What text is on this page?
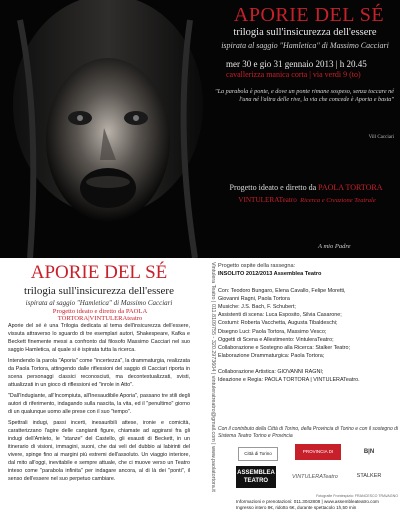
APORIE DEL SÉ
trilogia sull'insicurezza dell'essere
ispirata al saggio "Hamletica" di Massimo Cacciari
mer 30 e gio 31 gennaio 2013 | h 20.45
cavallerizza manica corta | via verdi 9 (to)
"La parabola è ponte, e dove un ponte rimane sospeso, senza toccare né l'una né l'altra delle rive, la via che concede è Aporia e basta"
Vill Cacciari
Progetto ideato e diretto da PAOLA TORTORA
VINTULERATeatro Ricerca e Creazione Teatrale
A mio Padre
APORIE DEL SÉ
trilogia sull'insicurezza dell'essere
ispirata al saggio "Hamletica" di Massimo Cacciari
Progetto ideato e diretto da PAOLA TORTORA|VINTULERAteatro

Aporie del sé è una Trilogia dedicata al tema dell'insicurezza dell'essere, vissuta attraverso lo sguardo di tre esemplari autori, Shakespeare, Kafka e Beckett finemente messi a confronto dal filosofo Massimo Cacciari nel suo saggio Hamletica, al quale si è ispirata tutta la ricerca.

Intendendo la parola "Aporia" come "incertezza", la drammaturgia, realizzata da Paola Tortora, attingendo dalle riflessioni del saggio di Cacciari riporta in scena personaggi classici reconosciuti, ma decontestualizzati, svisti, attualizzati in un gioco di riflessioni ed "inrole in Atto".

"Dall'Indugiante, all'Incompiuta, all'Inesaudibile Aporia", passano tre stili degli autori di riferimento, indagando sulla nascita, la vita, ed il "penultimo" giorno di un qualunque uomo alle prese con il suo "tempo".

Spettrali indugi, passi incerti, inesauribili attese, ironie e comicità, caratterizzano l'agire delle cangianti figure, chiamate ad aggirarsi fra gli indugi dell'Amleto, le "stanze" del Castello, gli esausti di Beckett, in un itinerario di visioni, immagini, suoni, che dai veli del dubbio ai labirinti del vivere, spinge fino ai margini più estremi dell'assoluto. Un viaggio interiore, dal mito all'oggi, inevitabile e sempre attuale, che ci muove verso un Teatro inteso come "parabola infinita" per indagare ancora, al di là dei "ponti", il senso dell'essere nel suo perpetuo cambiare.	Vintulera Teatro | 011.8109755 - 320.2973604 | vintuleratreatro@gmail.com | www.paolatortora.it Progetto ospite della rassegna:
INSOLITO 2012/2013 Assemblea Teatro
Con: Teodoro Bungaro, Elena Cavallo, Felipe Moretti,
Giovanni Ragni, Paola Tortora
Musiche: J.S. Bach, F. Schubert;
Assistenti di scena: Luca Esposito, Silvia Casarone;
Costumi: Roberta Vacchetta, Augusta Tibaldeschi;
Disegno Luci: Paola Tortora, Massimo Vesco;
Oggetti di Scena e Allestimento: VintuleraTeatro;
Collaborazione e Sostegno alla Ricerca: Stalker Teatro;
Elaborazione Drammaturgica: Paola Tortora;

Collaborazione Artistica: GIOVANNI RAGNI;
Ideazione e Regia: PAOLA TORTORA | VINTULERATeatro.
Con il contributo della Città di Torino, della Provincia di Torino e con il sostegno di Sistema Teatro Torino e Provincia
Città di Torino	PROVINCIA DI TORINO
B|N
ASSEMBLEA TEATRO
VINTULERATeatro	STALKER
Fotografie Frontespizio: FRANCESCO TRAVAGNO
Informazioni e prenotazioni: 011.3042808 | www.assembleateatro.com
Ingresso intero 8€, ridotto 6€, durante spettacolo 1h,50 min
